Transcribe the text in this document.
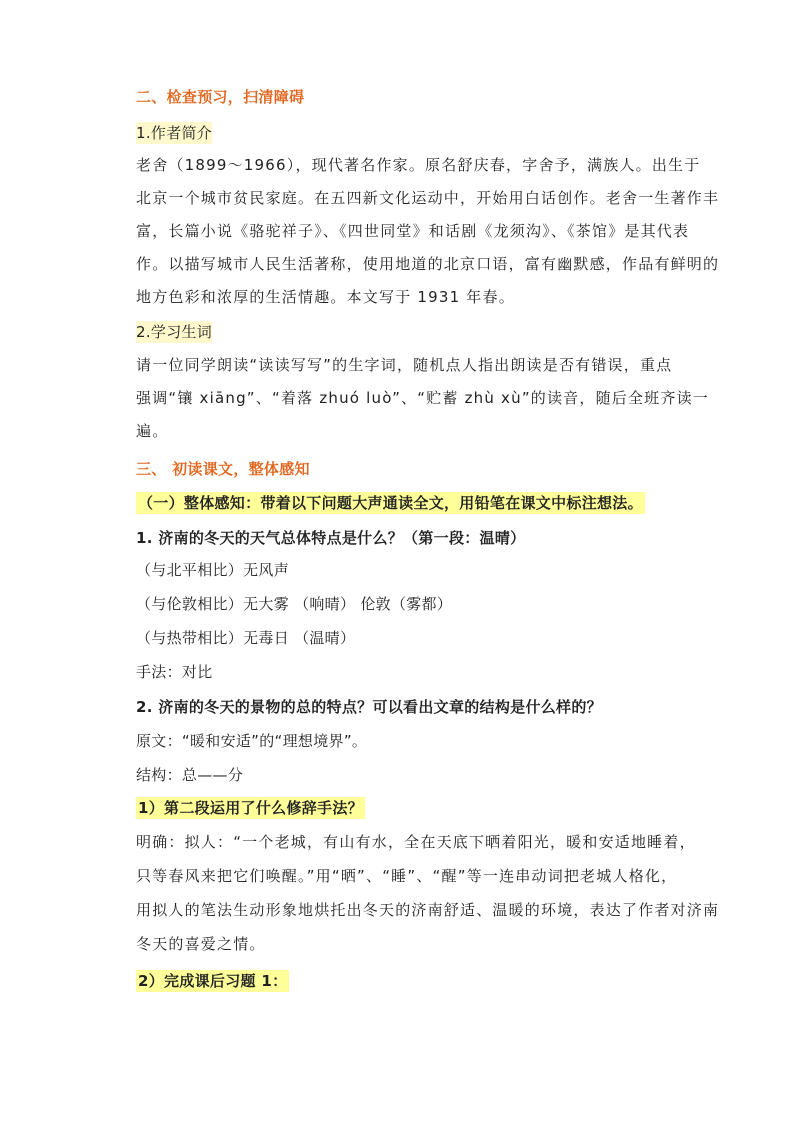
二、检查预习，扫清障碍
1.作者简介
老舍（1899～1966），现代著名作家。原名舒庆春，字舍予，满族人。出生于
北京一个城市贫民家庭。在五四新文化运动中，开始用白话创作。老舍一生著作丰
富，长篇小说《骆驼祥子》、《四世同堂》和话剧《龙须沟》、《茶馆》是其代表
作。以描写城市人民生活著称，使用地道的北京口语，富有幽默感，作品有鲜明的
地方色彩和浓厚的生活情趣。本文写于 1931 年春。
2.学习生词
请一位同学朗读“读读写写”的生字词，随机点人指出朗读是否有错误，重点
强调“镶 xiāng”、“着落 zhuó luò”、“贮蓄 zhù xù”的读音，随后全班齐读一
遍。
三、 初读课文，整体感知
（一）整体感知：带着以下问题大声通读全文，用铅笔在课文中标注想法。
1. 济南的冬天的天气总体特点是什么？（第一段：温晴）
（与北平相比）无风声
（与伦敦相比）无大雾 （响晴） 伦敦（雾都）
（与热带相比）无毒日 （温晴）
手法：对比
2. 济南的冬天的景物的总的特点？可以看出文章的结构是什么样的？
原文：“暖和安适”的“理想境界”。
结构：总——分
1）第二段运用了什么修辞手法？
明确：拟人：“一个老城，有山有水，全在天底下晒着阳光，暖和安适地睡着，
只等春风来把它们唤醒。”用“晒”、“睡”、“醒”等一连串动词把老城人格化，
用拟人的笔法生动形象地烘托出冬天的济南舒适、温暖的环境，表达了作者对济南
冬天的喜爱之情。
2）完成课后习题 1：
